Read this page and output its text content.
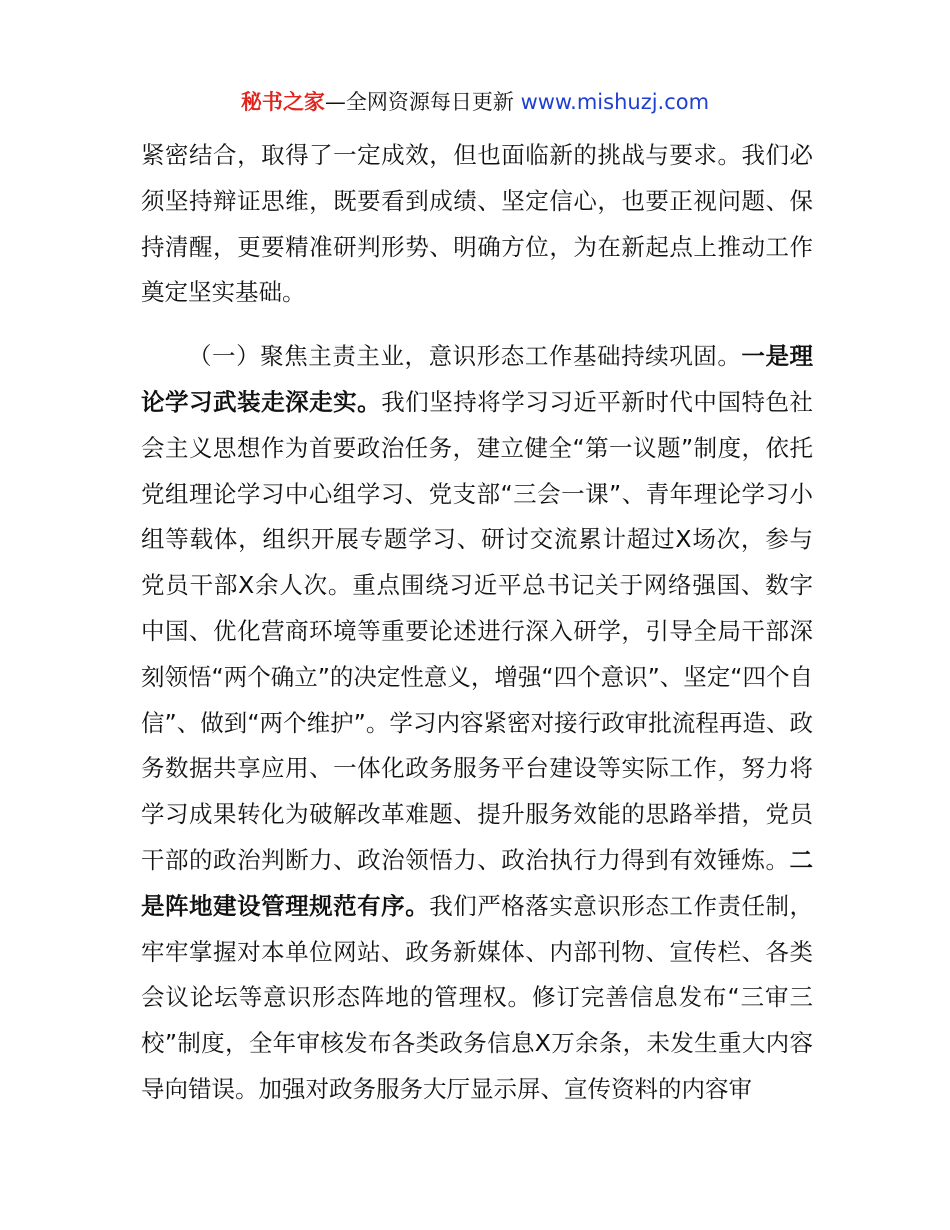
秘书之家—全网资源每日更新 www.mishuzj.com

紧密结合，取得了一定成效，但也面临新的挑战与要求。我们必须坚持辩证思维，既要看到成绩、坚定信心，也要正视问题、保持清醒，更要精准研判形势、明确方位，为在新起点上推动工作奠定坚实基础。

（一）聚焦主责主业，意识形态工作基础持续巩固。一是理论学习武装走深走实。我们坚持将学习习近平新时代中国特色社会主义思想作为首要政治任务，建立健全“第一议题”制度，依托党组理论学习中心组学习、党支部“三会一课”、青年理论学习小组等载体，组织开展专题学习、研讨交流累计超过X场次，参与党员干部X余人次。重点围绕习近平总书记关于网络强国、数字中国、优化营商环境等重要论述进行深入研学，引导全局干部深刻领悟“两个确立”的决定性意义，增强“四个意识”、坚定“四个自信”、做到“两个维护”。学习内容紧密对接行政审批流程再造、政务数据共享应用、一体化政务服务平台建设等实际工作，努力将学习成果转化为破解改革难题、提升服务效能的思路举措，党员干部的政治判断力、政治领悟力、政治执行力得到有效锤炼。二是阵地建设管理规范有序。我们严格落实意识形态工作责任制，牢牢掌握对本单位网站、政务新媒体、内部刊物、宣传栏、各类会议论坛等意识形态阵地的管理权。修订完善信息发布“三审三校”制度，全年审核发布各类政务信息X万余条，未发生重大内容导向错误。加强对政务服务大厅显示屏、宣传资料的内容审
